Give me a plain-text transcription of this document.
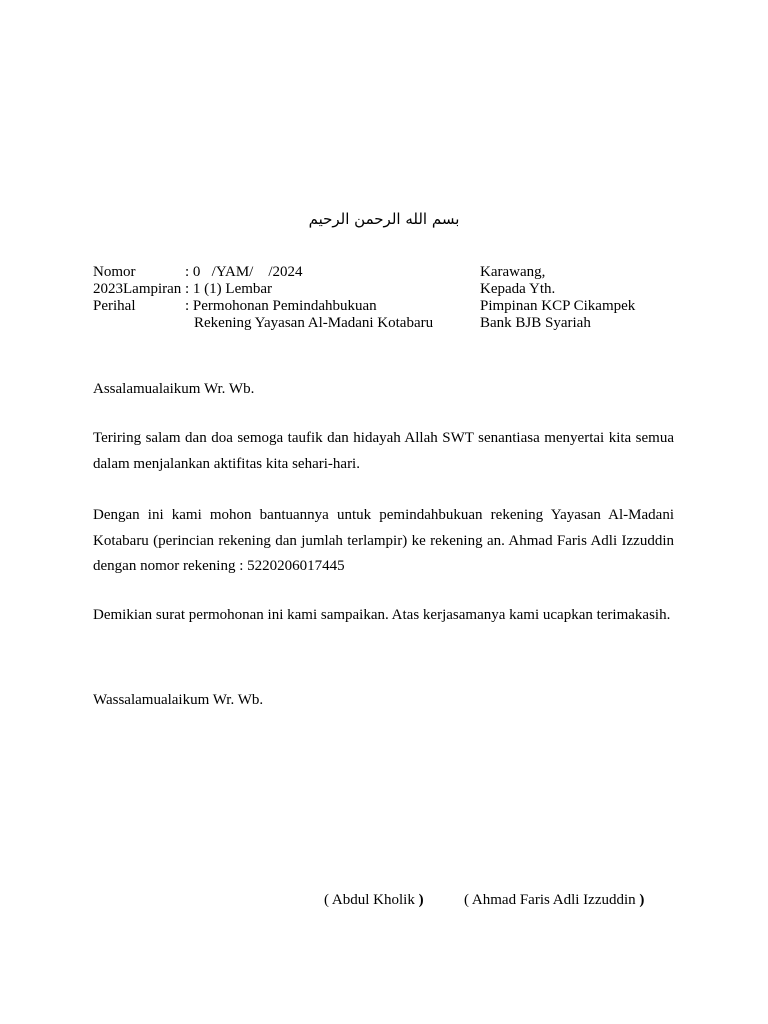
بسم الله الرحمن الرحيم
Nomor	: 0   /YAM/    /2024
2023Lampiran : 1 (1) Lembar
Perihal	: Permohonan Pemindahbukuan
Rekening Yayasan Al-Madani Kotabaru
Karawang,
Kepada Yth.
Pimpinan KCP Cikampek
Bank BJB Syariah
Assalamualaikum Wr. Wb.

Teriring salam dan doa semoga taufik dan hidayah Allah SWT senantiasa menyertai kita semua dalam menjalankan aktifitas kita sehari-hari.

Dengan ini kami mohon bantuannya untuk pemindahbukuan rekening Yayasan Al-Madani Kotabaru (perincian rekening dan jumlah terlampir) ke rekening an. Ahmad Faris Adli Izzuddin dengan nomor rekening : 5220206017445

Demikian surat permohonan ini kami sampaikan. Atas kerjasamanya kami ucapkan terimakasih.

Wassalamualaikum Wr. Wb.
( Abdul Kholik )	( Ahmad Faris Adli Izzuddin )
